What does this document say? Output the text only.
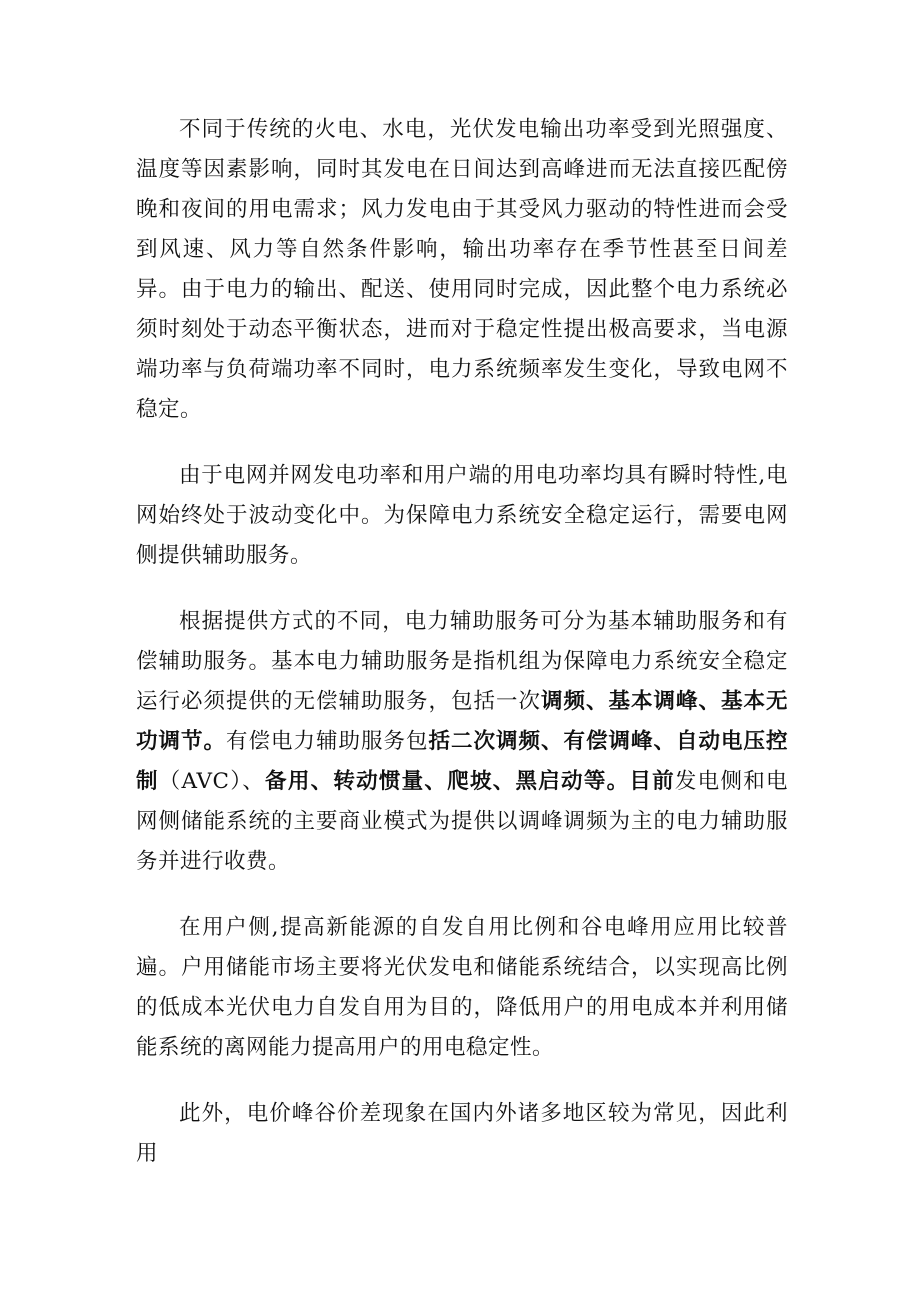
不同于传统的火电、水电，光伏发电输出功率受到光照强度、温度等因素影响，同时其发电在日间达到高峰进而无法直接匹配傍晚和夜间的用电需求；风力发电由于其受风力驱动的特性进而会受到风速、风力等自然条件影响，输出功率存在季节性甚至日间差异。由于电力的输出、配送、使用同时完成，因此整个电力系统必须时刻处于动态平衡状态，进而对于稳定性提出极高要求，当电源端功率与负荷端功率不同时，电力系统频率发生变化，导致电网不稳定。

由于电网并网发电功率和用户端的用电功率均具有瞬时特性,电网始终处于波动变化中。为保障电力系统安全稳定运行，需要电网侧提供辅助服务。

根据提供方式的不同，电力辅助服务可分为基本辅助服务和有偿辅助服务。基本电力辅助服务是指机组为保障电力系统安全稳定运行必须提供的无偿辅助服务，包括一次调频、基本调峰、基本无功调节。有偿电力辅助服务包括二次调频、有偿调峰、自动电压控制（AVC）、备用、转动惯量、爬坡、黑启动等。目前发电侧和电网侧储能系统的主要商业模式为提供以调峰调频为主的电力辅助服务并进行收费。

在用户侧,提高新能源的自发自用比例和谷电峰用应用比较普遍。户用储能市场主要将光伏发电和储能系统结合，以实现高比例的低成本光伏电力自发自用为目的，降低用户的用电成本并利用储能系统的离网能力提高用户的用电稳定性。

此外，电价峰谷价差现象在国内外诸多地区较为常见，因此利用
